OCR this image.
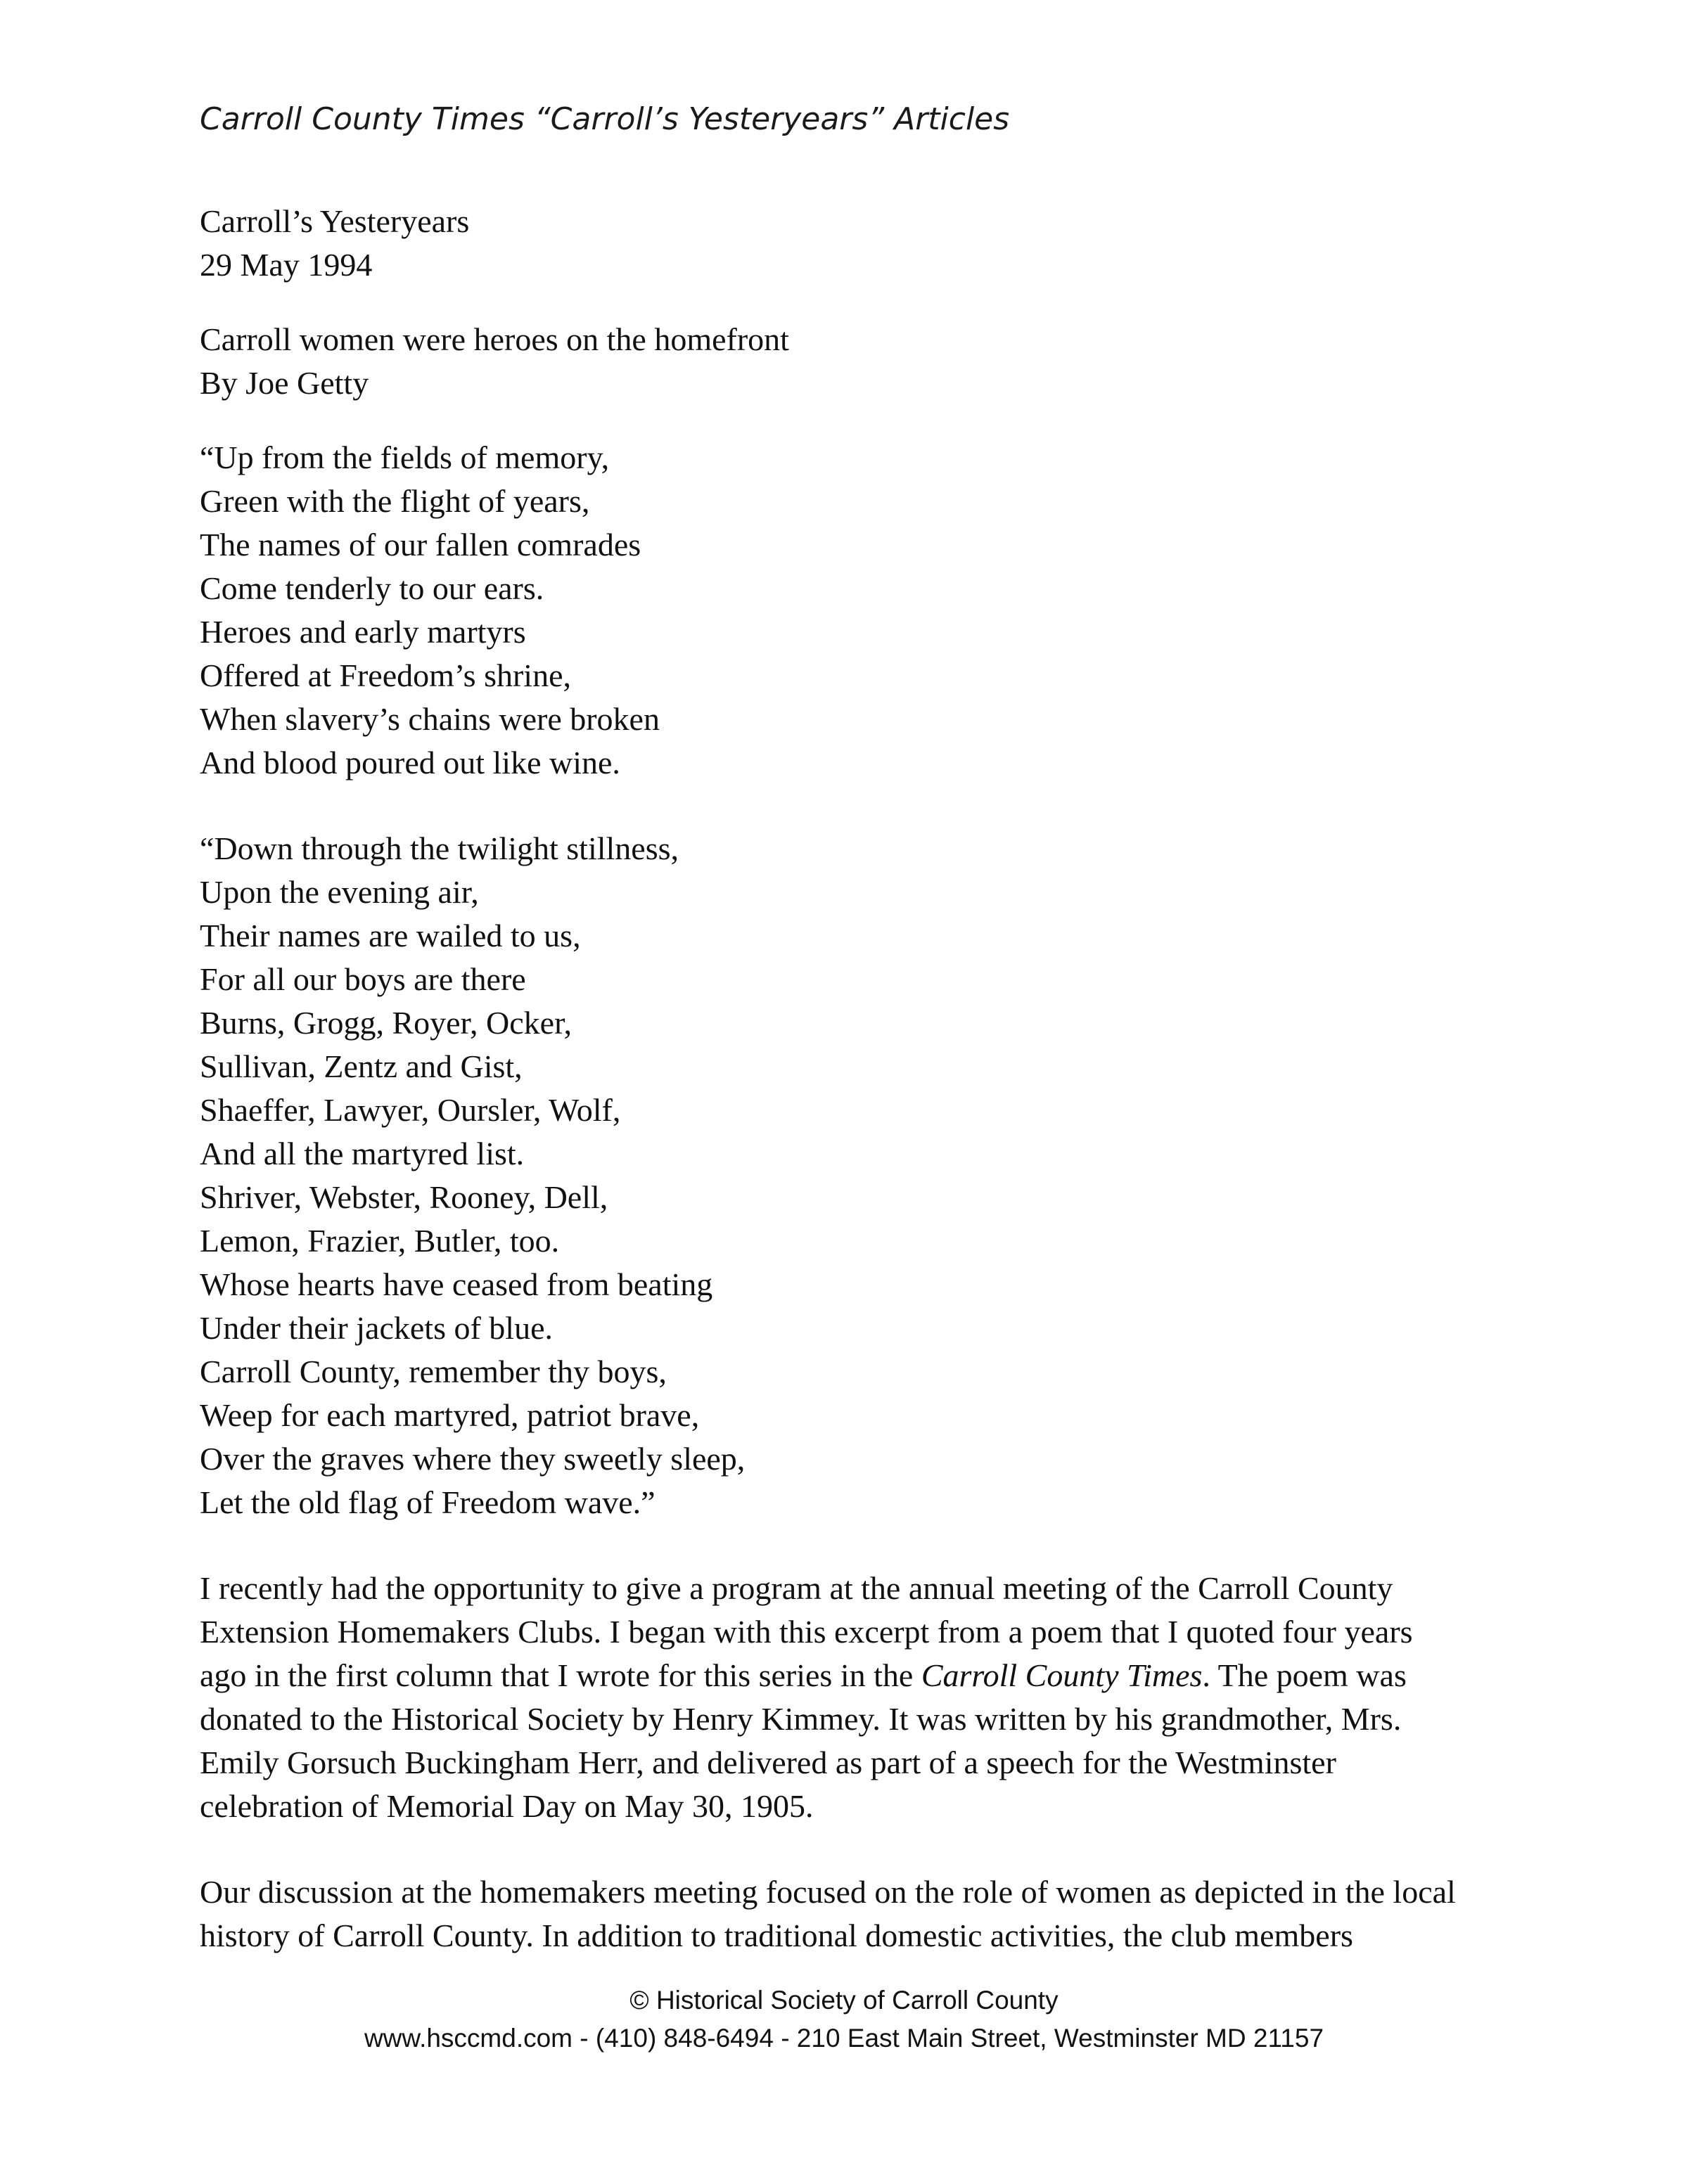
Carroll County Times “Carroll’s Yesteryears” Articles
Carroll’s Yesteryears
29 May 1994
Carroll women were heroes on the homefront
By Joe Getty
“Up from the fields of memory,
Green with the flight of years,
The names of our fallen comrades
Come tenderly to our ears.
Heroes and early martyrs
Offered at Freedom’s shrine,
When slavery’s chains were broken
And blood poured out like wine.
“Down through the twilight stillness,
Upon the evening air,
Their names are wailed to us,
For all our boys are there
Burns, Grogg, Royer, Ocker,
Sullivan, Zentz and Gist,
Shaeffer, Lawyer, Oursler, Wolf,
And all the martyred list.
Shriver, Webster, Rooney, Dell,
Lemon, Frazier, Butler, too.
Whose hearts have ceased from beating
Under their jackets of blue.
Carroll County, remember thy boys,
Weep for each martyred, patriot brave,
Over the graves where they sweetly sleep,
Let the old flag of Freedom wave.”
I recently had the opportunity to give a program at the annual meeting of the Carroll County
Extension Homemakers Clubs. I began with this excerpt from a poem that I quoted four years
ago in the first column that I wrote for this series in the Carroll County Times. The poem was
donated to the Historical Society by Henry Kimmey. It was written by his grandmother, Mrs.
Emily Gorsuch Buckingham Herr, and delivered as part of a speech for the Westminster
celebration of Memorial Day on May 30, 1905.
Our discussion at the homemakers meeting focused on the role of women as depicted in the local
history of Carroll County. In addition to traditional domestic activities, the club members
© Historical Society of Carroll County
www.hsccmd.com - (410) 848-6494 - 210 East Main Street, Westminster MD 21157
